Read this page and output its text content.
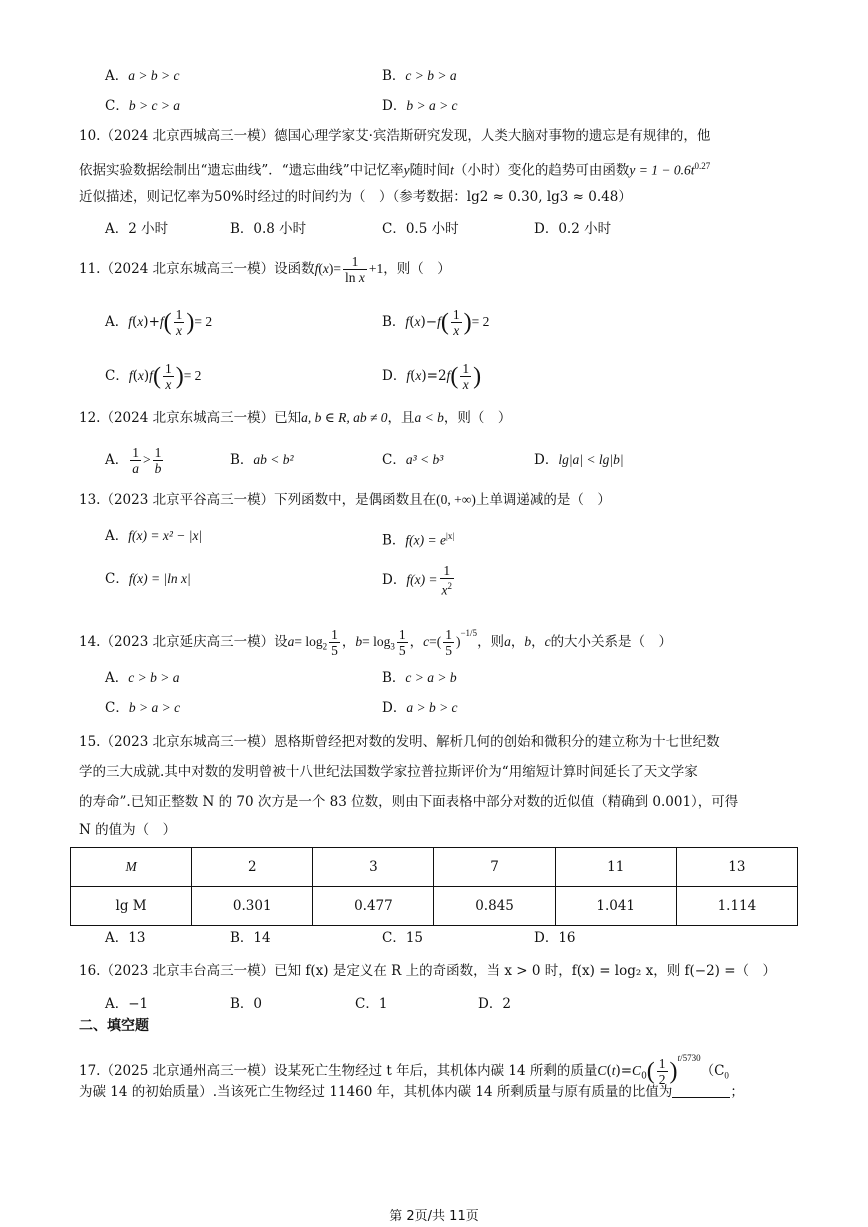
A．a > b > c	B．c > b > a
C．b > c > a	D．b > a > c
10.（2024 北京西城高三一模）德国心理学家艾·宾浩斯研究发现，人类大脑对事物的遗忘是有规律的，他
依据实验数据绘制出“遗忘曲线”．“遗忘曲线”中记忆率y随时间t（小时）变化的趋势可由函数$y = 1 - 0.6t^{0.27}$
近似描述，则记忆率为50%时经过的时间约为（　）（参考数据：lg2 ≈ 0.30, lg3 ≈ 0.48）
A．2 小时	B．0.8 小时	C．0.5 小时	D．0.2 小时
11.（2024 北京东城高三一模）设函数$f(x)= \frac{1}{\text{ln x}} +1$，则（　）
A．$f(x)+f( \frac{1}{x}$ )= 2	B．$f(x)-f( \frac{1}{x}$ )= 2
C．$f(x)f( \frac{1}{x}$ )= 2	D．$f(x)=2f( \frac{1}{x}$ )
12.（2024 北京东城高三一模）已知a, b ∈ R, ab ≠ 0，且a < b，则（　）
A． $\frac{1}{a} > \frac{1}{b}$	B．ab < b²	C．a³ < b³	D．lg|a| < lg|b|
13.（2023 北京平谷高三一模）下列函数中，是偶函数且在(0, +∞)上单调递减的是（　）
A．f(x) = x² − |x|	B．$f(x) = e^{|x|}$
C．f(x) = |ln x|	D．$f(x) = \frac{1}{x^2}$
14.（2023 北京延庆高三一模）设$a= \log_2 \frac{1}{5}$ ，$b= \log_3 \frac{1}{5}$ ，$c=( \frac{1}{5} )^{-1/5}$，则a，b，c的大小关系是（　）
A．c > b > a	B．c > a > b
C．b > a > c	D．a > b > c
15.（2023 北京东城高三一模）恩格斯曾经把对数的发明、解析几何的创始和微积分的建立称为十七世纪数
学的三大成就.其中对数的发明曾被十八世纪法国数学家拉普拉斯评价为“用缩短计算时间延长了天文学家
的寿命”.已知正整数 N 的 70 次方是一个 83 位数，则由下面表格中部分对数的近似值（精确到 0.001），可得
N 的值为（　）
M	2	3	7	11	13
lg M	0.301	0.477	0.845	1.041	1.114
A．13	B．14	C．15	D．16
16.（2023 北京丰台高三一模）已知 f(x) 是定义在 R 上的奇函数，当 x > 0 时，f(x) = log₂ x，则 f(−2) =（　）
A．−1	B．0	C．1	D．2
二、填空题
17.（2025 北京通州高三一模）设某死亡生物经过 t 年后，其机体内碳 14 所剩的质量$C(t)=C_0( \frac{1}{2} )^{t/5730}(C_0$
为碳 14 的初始质量）.当该死亡生物经过 11460 年，其机体内碳 14 所剩质量与原有质量的比值为	；
第 2页/共 11页
